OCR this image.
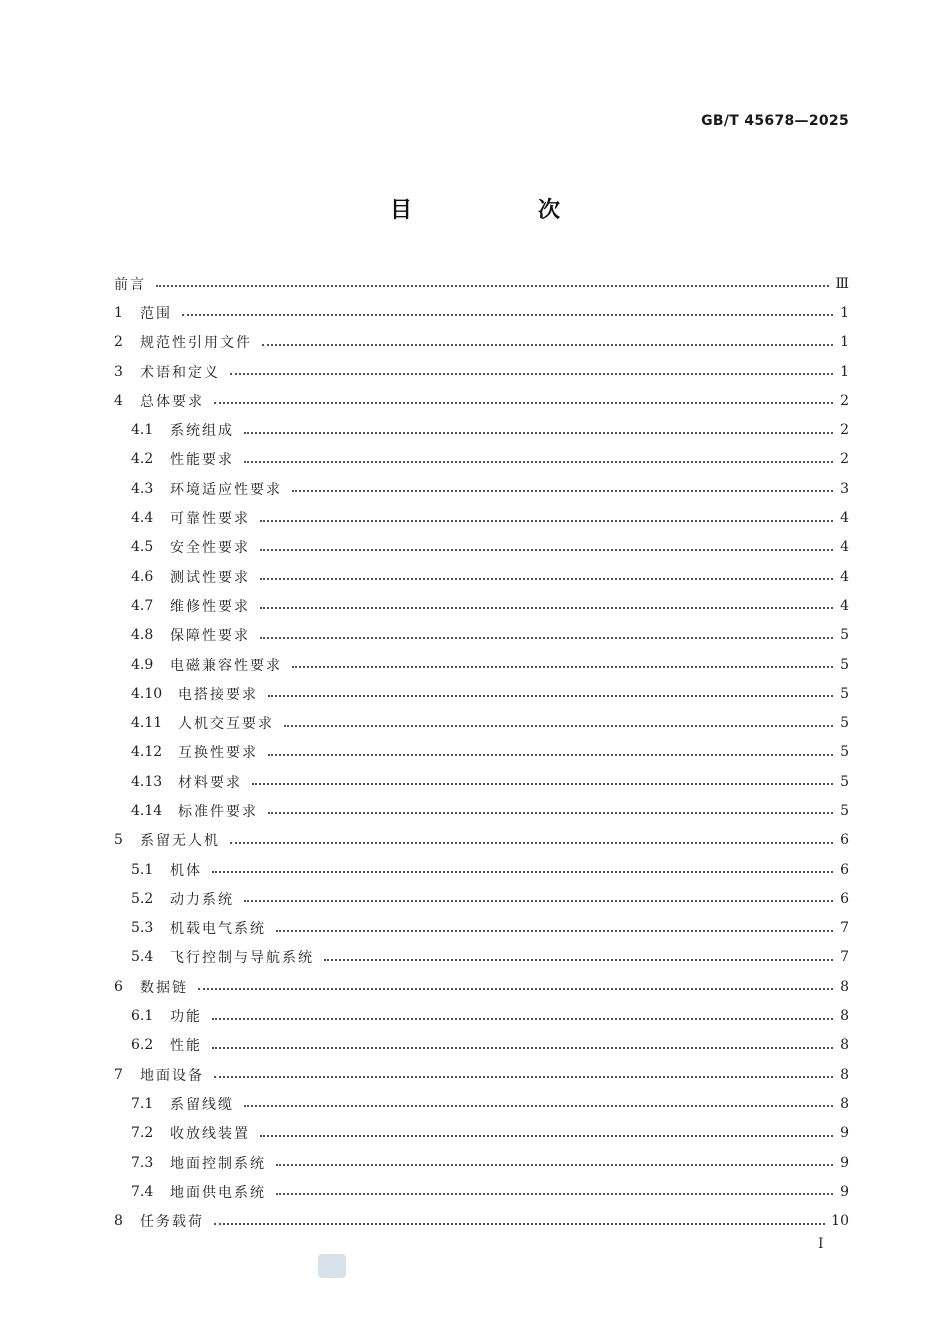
GB/T 45678—2025
目　次
前言	Ⅲ
1	范围	1
2	规范性引用文件	1
3	术语和定义	1
4	总体要求	2
4.1	系统组成	2
4.2	性能要求	2
4.3	环境适应性要求	3
4.4	可靠性要求	4
4.5	安全性要求	4
4.6	测试性要求	4
4.7	维修性要求	4
4.8	保障性要求	5
4.9	电磁兼容性要求	5
4.10	电搭接要求	5
4.11	人机交互要求	5
4.12	互换性要求	5
4.13	材料要求	5
4.14	标准件要求	5
5	系留无人机	6
5.1	机体	6
5.2	动力系统	6
5.3	机载电气系统	7
5.4	飞行控制与导航系统	7
6	数据链	8
6.1	功能	8
6.2	性能	8
7	地面设备	8
7.1	系留线缆	8
7.2	收放线装置	9
7.3	地面控制系统	9
7.4	地面供电系统	9
8	任务载荷	10
I
